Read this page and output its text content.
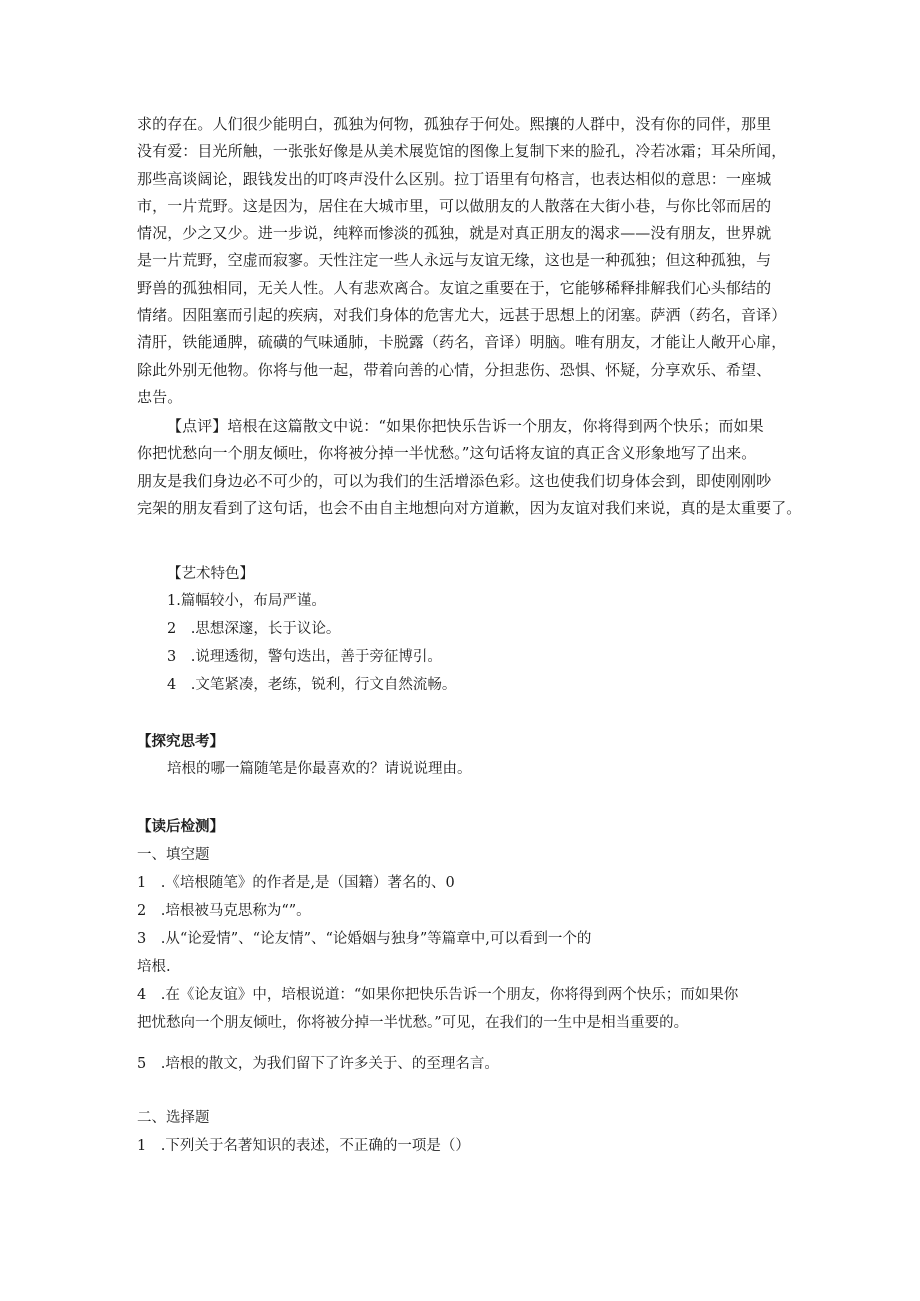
求的存在。人们很少能明白，孤独为何物，孤独存于何处。熙攘的人群中，没有你的同伴，那里
没有爱：目光所触，一张张好像是从美术展览馆的图像上复制下来的脸孔，冷若冰霜；耳朵所闻，
那些高谈阔论，跟钱发出的叮咚声没什么区别。拉丁语里有句格言，也表达相似的意思：一座城
市，一片荒野。这是因为，居住在大城市里，可以做朋友的人散落在大街小巷，与你比邻而居的
情况，少之又少。进一步说，纯粹而惨淡的孤独，就是对真正朋友的渴求——没有朋友，世界就
是一片荒野，空虚而寂寥。天性注定一些人永远与友谊无缘，这也是一种孤独；但这种孤独，与
野兽的孤独相同，无关人性。人有悲欢离合。友谊之重要在于，它能够稀释排解我们心头郁结的
情绪。因阻塞而引起的疾病，对我们身体的危害尤大，远甚于思想上的闭塞。萨洒（药名，音译）
清肝，铁能通脾，硫磺的气味通肺，卡脱露（药名，音译）明脑。唯有朋友，才能让人敞开心扉，
除此外别无他物。你将与他一起，带着向善的心情，分担悲伤、恐惧、怀疑，分享欢乐、希望、
忠告。
【点评】培根在这篇散文中说：“如果你把快乐告诉一个朋友，你将得到两个快乐；而如果
你把忧愁向一个朋友倾吐，你将被分掉一半忧愁。”这句话将友谊的真正含义形象地写了出来。
朋友是我们身边必不可少的，可以为我们的生活增添色彩。这也使我们切身体会到，即使刚刚吵
完架的朋友看到了这句话，也会不由自主地想向对方道歉，因为友谊对我们来说，真的是太重要了。
【艺术特色】
1.篇幅较小，布局严谨。
2　.思想深邃，长于议论。
3　.说理透彻，警句迭出，善于旁征博引。
4　.文笔紧凑，老练，锐利，行文自然流畅。
【探究思考】
培根的哪一篇随笔是你最喜欢的？请说说理由。
【读后检测】
一、填空题
1　.《培根随笔》的作者是,是（国籍）著名的、0
2　.培根被马克思称为“”。
3　.从“论爱情”、“论友情”、“论婚姻与独身”等篇章中,可以看到一个的
培根.
4　.在《论友谊》中，培根说道：“如果你把快乐告诉一个朋友，你将得到两个快乐；而如果你
把忧愁向一个朋友倾吐，你将被分掉一半忧愁。”可见，在我们的一生中是相当重要的。
5　.培根的散文，为我们留下了许多关于、的至理名言。
二、选择题
1　.下列关于名著知识的表述，不正确的一项是（）
